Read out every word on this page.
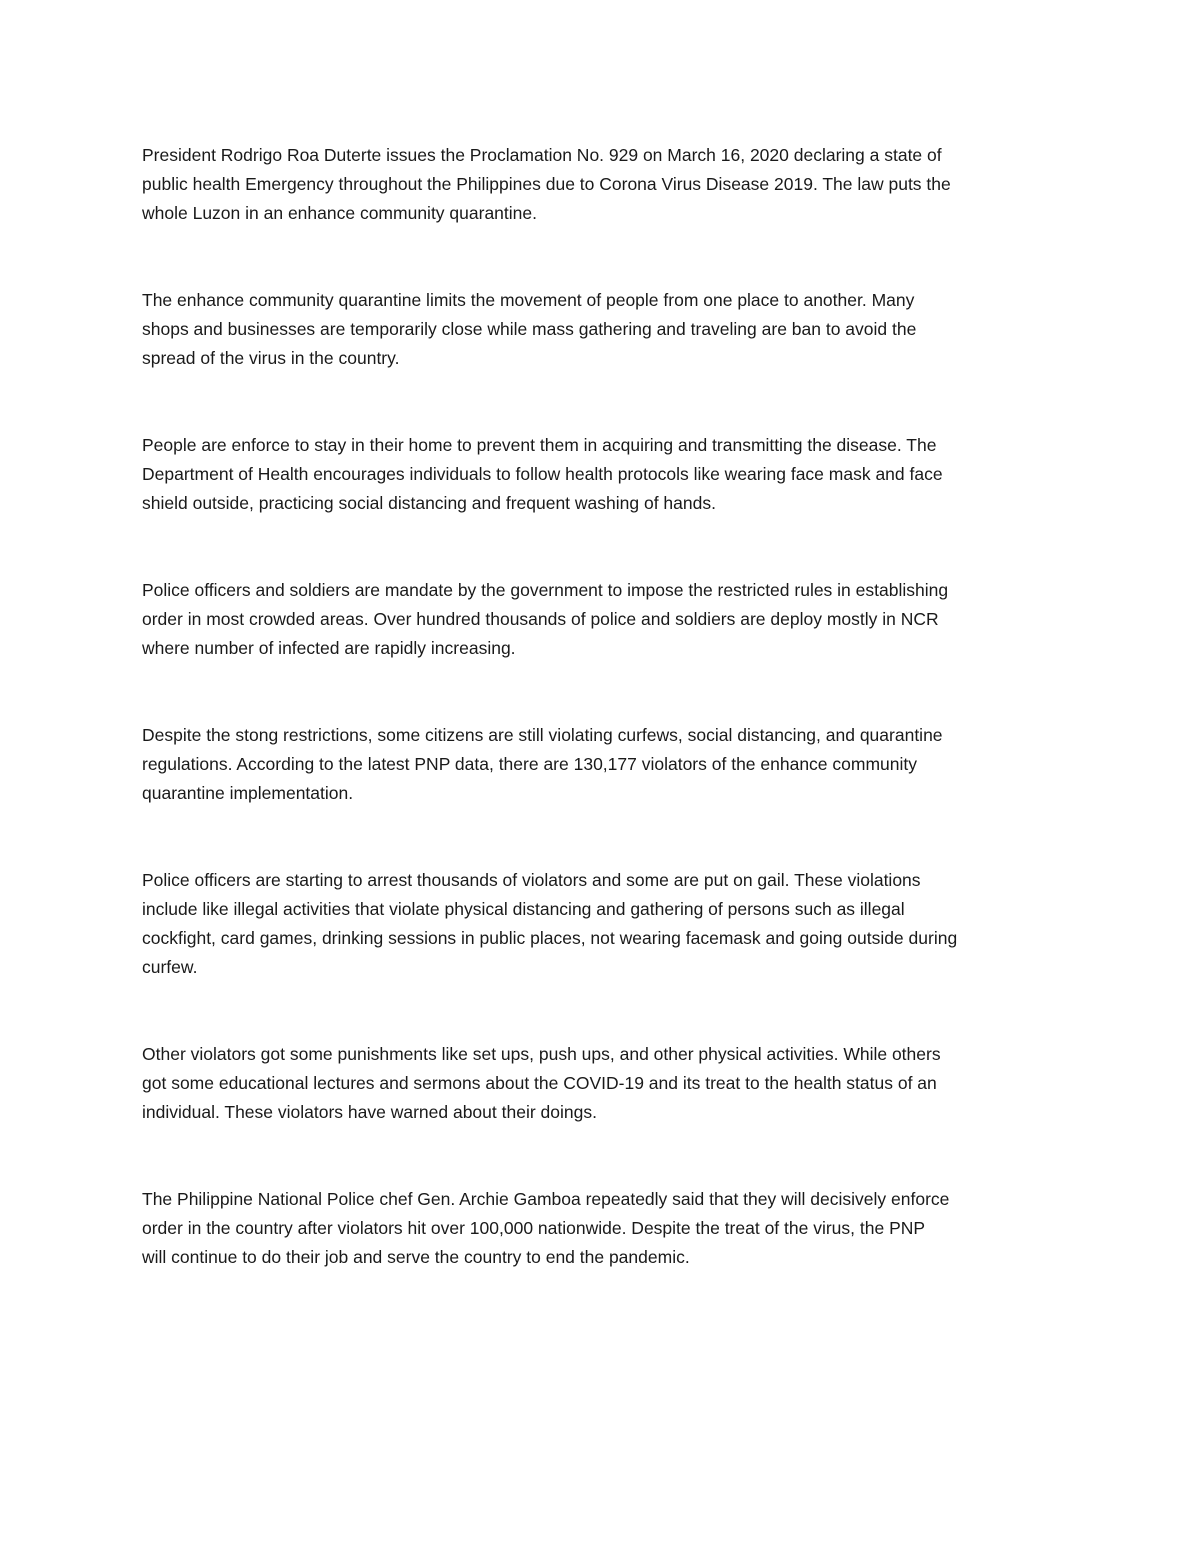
President Rodrigo Roa Duterte issues the Proclamation No. 929 on March 16, 2020 declaring a state of
public health Emergency throughout the Philippines due to Corona Virus Disease 2019. The law puts the
whole Luzon in an enhance community quarantine.

The enhance community quarantine limits the movement of people from one place to another. Many
shops and businesses are temporarily close while mass gathering and traveling are ban to avoid the
spread of the virus in the country.

People are enforce to stay in their home to prevent them in acquiring and transmitting the disease. The
Department of Health encourages individuals to follow health protocols like wearing face mask and face
shield outside, practicing social distancing and frequent washing of hands.

Police officers and soldiers are mandate by the government to impose the restricted rules in establishing
order in most crowded areas. Over hundred thousands of police and soldiers are deploy mostly in NCR
where number of infected are rapidly increasing.

Despite the stong restrictions, some citizens are still violating curfews, social distancing, and quarantine
regulations. According to the latest PNP data, there are 130,177 violators of the enhance community
quarantine implementation.

Police officers are starting to arrest thousands of violators and some are put on gail. These violations
include like illegal activities that violate physical distancing and gathering of persons such as illegal
cockfight, card games, drinking sessions in public places, not wearing facemask and going outside during
curfew.

Other violators got some punishments like set ups, push ups, and other physical activities. While others
got some educational lectures and sermons about the COVID-19 and its treat to the health status of an
individual. These violators have warned about their doings.

The Philippine National Police chef Gen. Archie Gamboa repeatedly said that they will decisively enforce
order in the country after violators hit over 100,000 nationwide. Despite the treat of the virus, the PNP
will continue to do their job and serve the country to end the pandemic.
